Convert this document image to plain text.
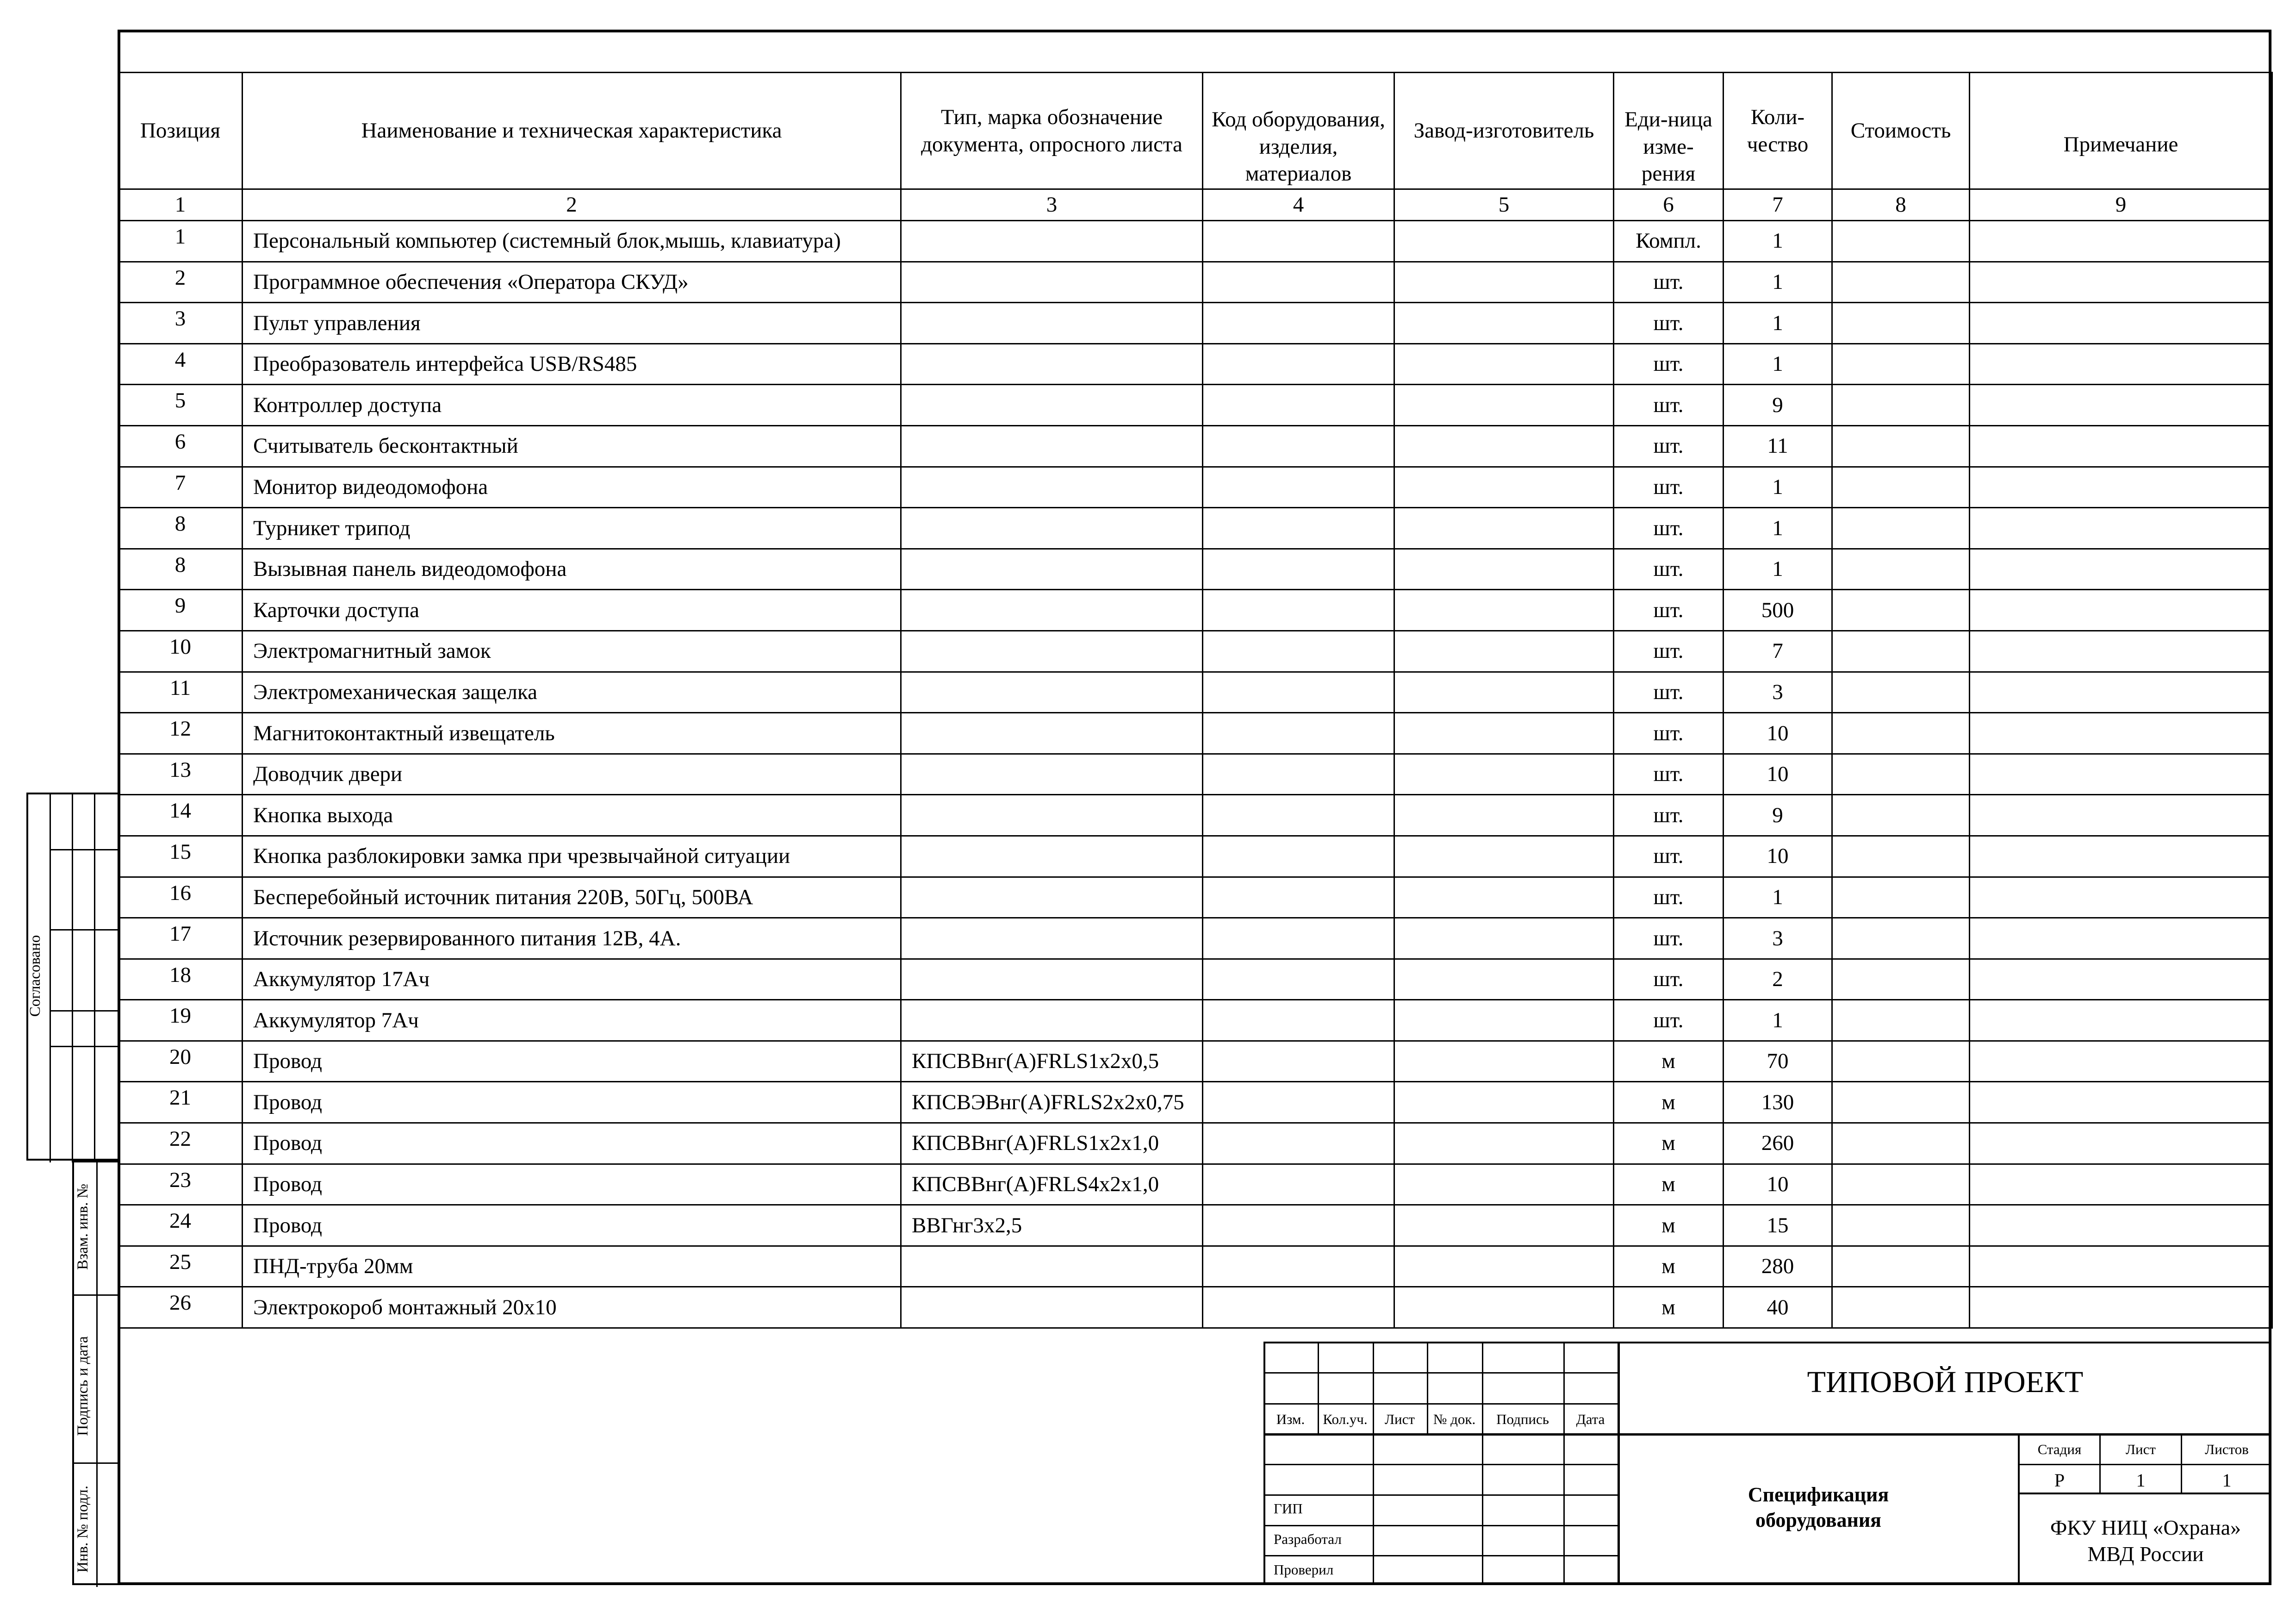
Позиция	Наименование и техническая характеристика	Тип, марка обозначение документа, опросного листа	Код оборудования, изделия, материалов	Завод-изготовитель	Еди-ница изме-рения	Коли-чество	Стоимость	Примечание
1	2	3	4	5	6	7	8	9
1	Персональный компьютер (системный блок,мышь, клавиатура)				Компл.	1		
2	Программное обеспечения «Оператора СКУД»				шт.	1		
3	Пульт управления				шт.	1		
4	Преобразователь интерфейса USB/RS485				шт.	1		
5	Контроллер доступа				шт.	9		
6	Считыватель бесконтактный				шт.	11		
7	Монитор видеодомофона				шт.	1		
8	Турникет трипод				шт.	1		
8	Вызывная панель видеодомофона				шт.	1		
9	Карточки доступа				шт.	500		
10	Электромагнитный замок				шт.	7		
11	Электромеханическая защелка				шт.	3		
12	Магнитоконтактный извещатель				шт.	10		
13	Доводчик двери				шт.	10		
14	Кнопка выхода				шт.	9		
15	Кнопка разблокировки замка при чрезвычайной ситуации				шт.	10		
16	Бесперебойный источник питания 220В, 50Гц, 500ВА				шт.	1		
17	Источник резервированного питания 12В, 4А.				шт.	3		
18	Аккумулятор 17Ач				шт.	2		
19	Аккумулятор 7Ач				шт.	1		
20	Провод	КПСВВнг(А)FRLS1х2х0,5			м	70		
21	Провод	КПСВЭВнг(А)FRLS2х2х0,75			м	130		
22	Провод	КПСВВнг(А)FRLS1х2х1,0			м	260		
23	Провод	КПСВВнг(А)FRLS4х2х1,0			м	10		
24	Провод	ВВГнг3х2,5			м	15		
25	ПНД-труба 20мм				м	280		
26	Электрокороб монтажный 20х10				м	40		
Согласовано
Взам. инв. №
Подпись и дата
Инв. № подл.
Изм.	Кол.уч.	Лист	№ док.	Подпись	Дата
ГИП
Разработал
Проверил
ТИПОВОЙ ПРОЕКТ
Спецификация
оборудования
Стадия	Лист	Листов
Р	1	1
ФКУ НИЦ «Охрана»
МВД России
